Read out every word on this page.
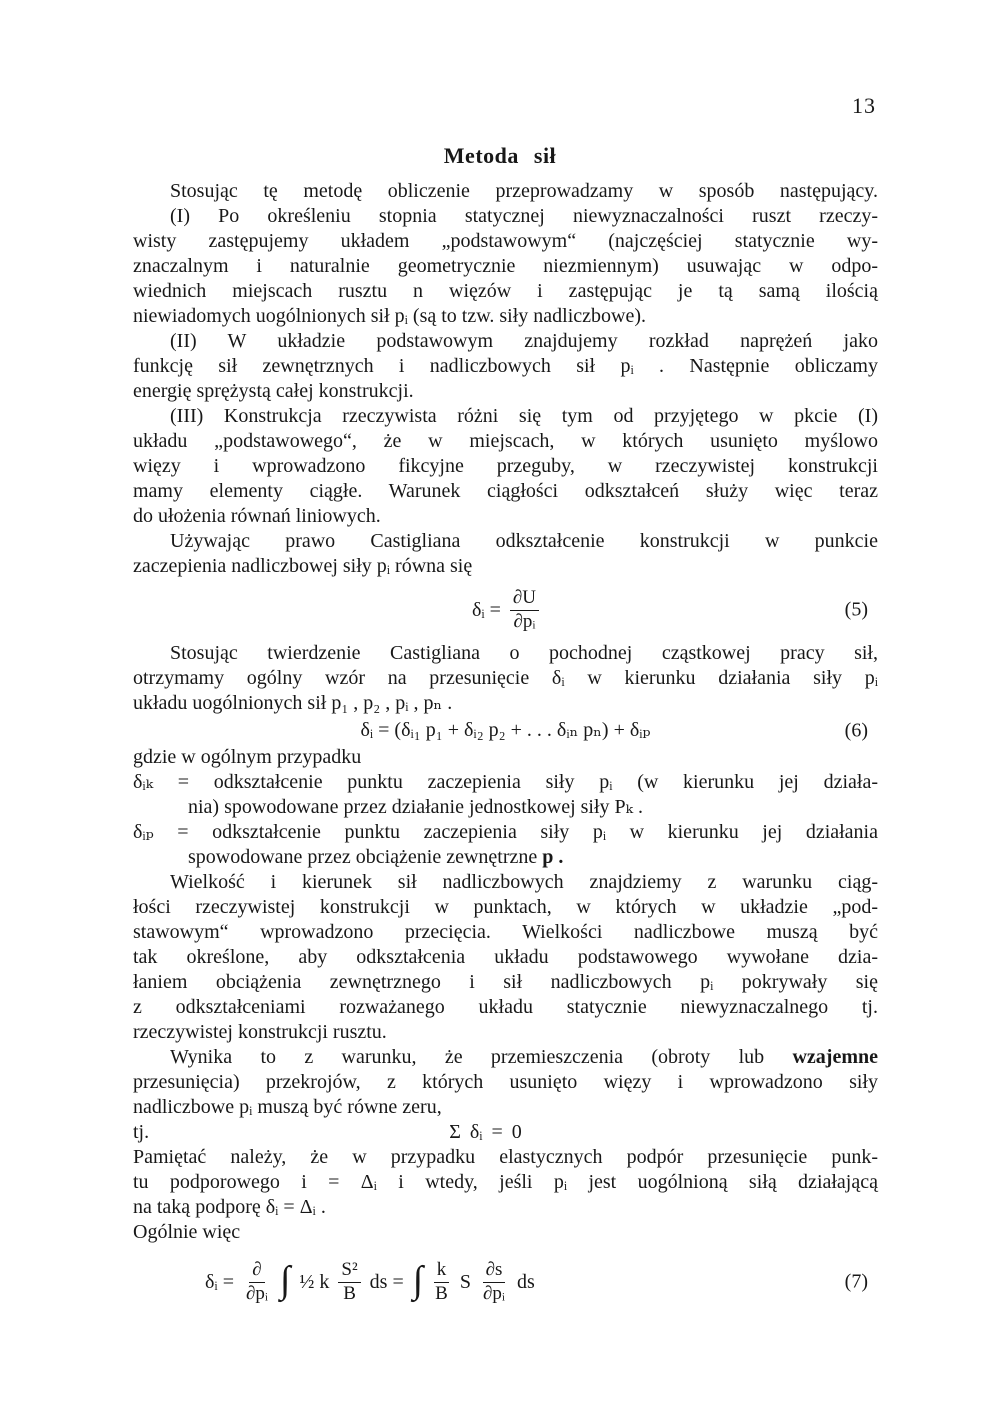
13
Metoda sił
Stosując tę metodę obliczenie przeprowadzamy w sposób następujący.
(I) Po określeniu stopnia statycznej niewyznaczalności ruszt rzeczy-
wisty zastępujemy układem „podstawowym“ (najczęściej statycznie wy-
znaczalnym i naturalnie geometrycznie niezmiennym) usuwając w odpo-
wiednich miejscach rusztu n więzów i zastępując je tą samą ilością
niewiadomych uogólnionych sił pᵢ (są to tzw. siły nadliczbowe).
(II) W układzie podstawowym znajdujemy rozkład naprężeń jako
funkcję sił zewnętrznych i nadliczbowych sił pᵢ . Następnie obliczamy
energię sprężystą całej konstrukcji.
(III) Konstrukcja rzeczywista różni się tym od przyjętego w pkcie (I)
układu „podstawowego“, że w miejscach, w których usunięto myślowo
więzy i wprowadzono fikcyjne przeguby, w rzeczywistej konstrukcji
mamy elementy ciągłe. Warunek ciągłości odkształceń służy więc teraz
do ułożenia równań liniowych.
Używając prawo Castigliana odkształcenie konstrukcji w punkcie
zaczepienia nadliczbowej siły pᵢ równa się
δᵢ = $\frac{\partial U}{\text{∂pᵢ}}$	(5)
Stosując twierdzenie Castigliana o pochodnej cząstkowej pracy sił,
otrzymamy ogólny wzór na przesunięcie δᵢ w kierunku działania siły pᵢ
układu uogólnionych sił p₁ , p₂ , pᵢ , pₙ .
δᵢ = (δᵢ₁ p₁ + δᵢ₂ p₂ + . . . δᵢₙ pₙ) + δᵢₚ	(6)
gdzie w ogólnym przypadku
δᵢₖ = odkształcenie punktu zaczepienia siły pᵢ (w kierunku jej działa-
nia) spowodowane przez działanie jednostkowej siły Pₖ .
δᵢₚ = odkształcenie punktu zaczepienia siły pᵢ w kierunku jej działania
spowodowane przez obciążenie zewnętrzne p .
Wielkość i kierunek sił nadliczbowych znajdziemy z warunku ciąg-
łości rzeczywistej konstrukcji w punktach, w których w układzie „pod-
stawowym“ wprowadzono przecięcia. Wielkości nadliczbowe muszą być
tak określone, aby odkształcenia układu podstawowego wywołane dzia-
łaniem obciążenia zewnętrznego i sił nadliczbowych pᵢ pokrywały się
z odkształceniami rozważanego układu statycznie niewyznaczalnego tj.
rzeczywistej konstrukcji rusztu.
Wynika to z warunku, że przemieszczenia (obroty lub wzajemne
przesunięcia) przekrojów, z których usunięto więzy i wprowadzono siły
nadliczbowe pᵢ muszą być równe zeru,
tj.	Σ δᵢ = 0
Pamiętać należy, że w przypadku elastycznych podpór przesunięcie punk-
tu podporowego i = Δᵢ i wtedy, jeśli pᵢ jest uogólnioną siłą działającą
na taką podporę δᵢ = Δᵢ .
Ogólnie więc
δᵢ = $\frac{\partial}{\text{∂pᵢ}}$ ∫ ½ k $\frac{\text{S²}}{B}$ ds = ∫ $\frac{k}{B}$ S $\frac{\partial s}{\text{∂pᵢ}}$ ds	(7)
